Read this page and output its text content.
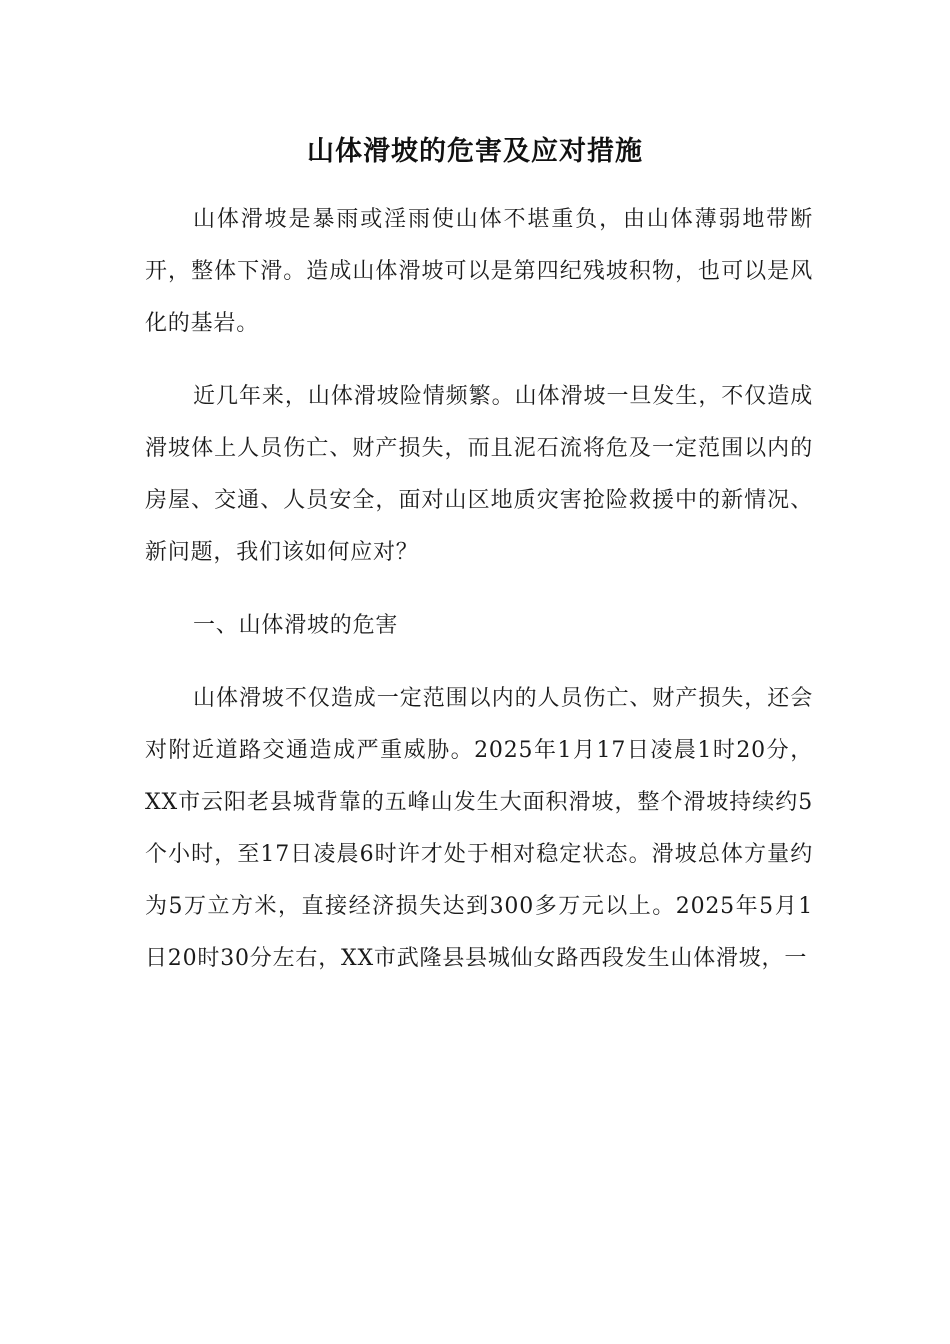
山体滑坡的危害及应对措施

山体滑坡是暴雨或淫雨使山体不堪重负，由山体薄弱地带断开，整体下滑。造成山体滑坡可以是第四纪残坡积物，也可以是风化的基岩。

近几年来，山体滑坡险情频繁。山体滑坡一旦发生，不仅造成滑坡体上人员伤亡、财产损失，而且泥石流将危及一定范围以内的房屋、交通、人员安全，面对山区地质灾害抢险救援中的新情况、新问题，我们该如何应对？

一、山体滑坡的危害

山体滑坡不仅造成一定范围以内的人员伤亡、财产损失，还会对附近道路交通造成严重威胁。2025年1月17日凌晨1时20分，XX市云阳老县城背靠的五峰山发生大面积滑坡，整个滑坡持续约5个小时，至17日凌晨6时许才处于相对稳定状态。滑坡总体方量约为5万立方米，直接经济损失达到300多万元以上。2025年5月1日20时30分左右，XX市武隆县县城仙女路西段发生山体滑坡，一
